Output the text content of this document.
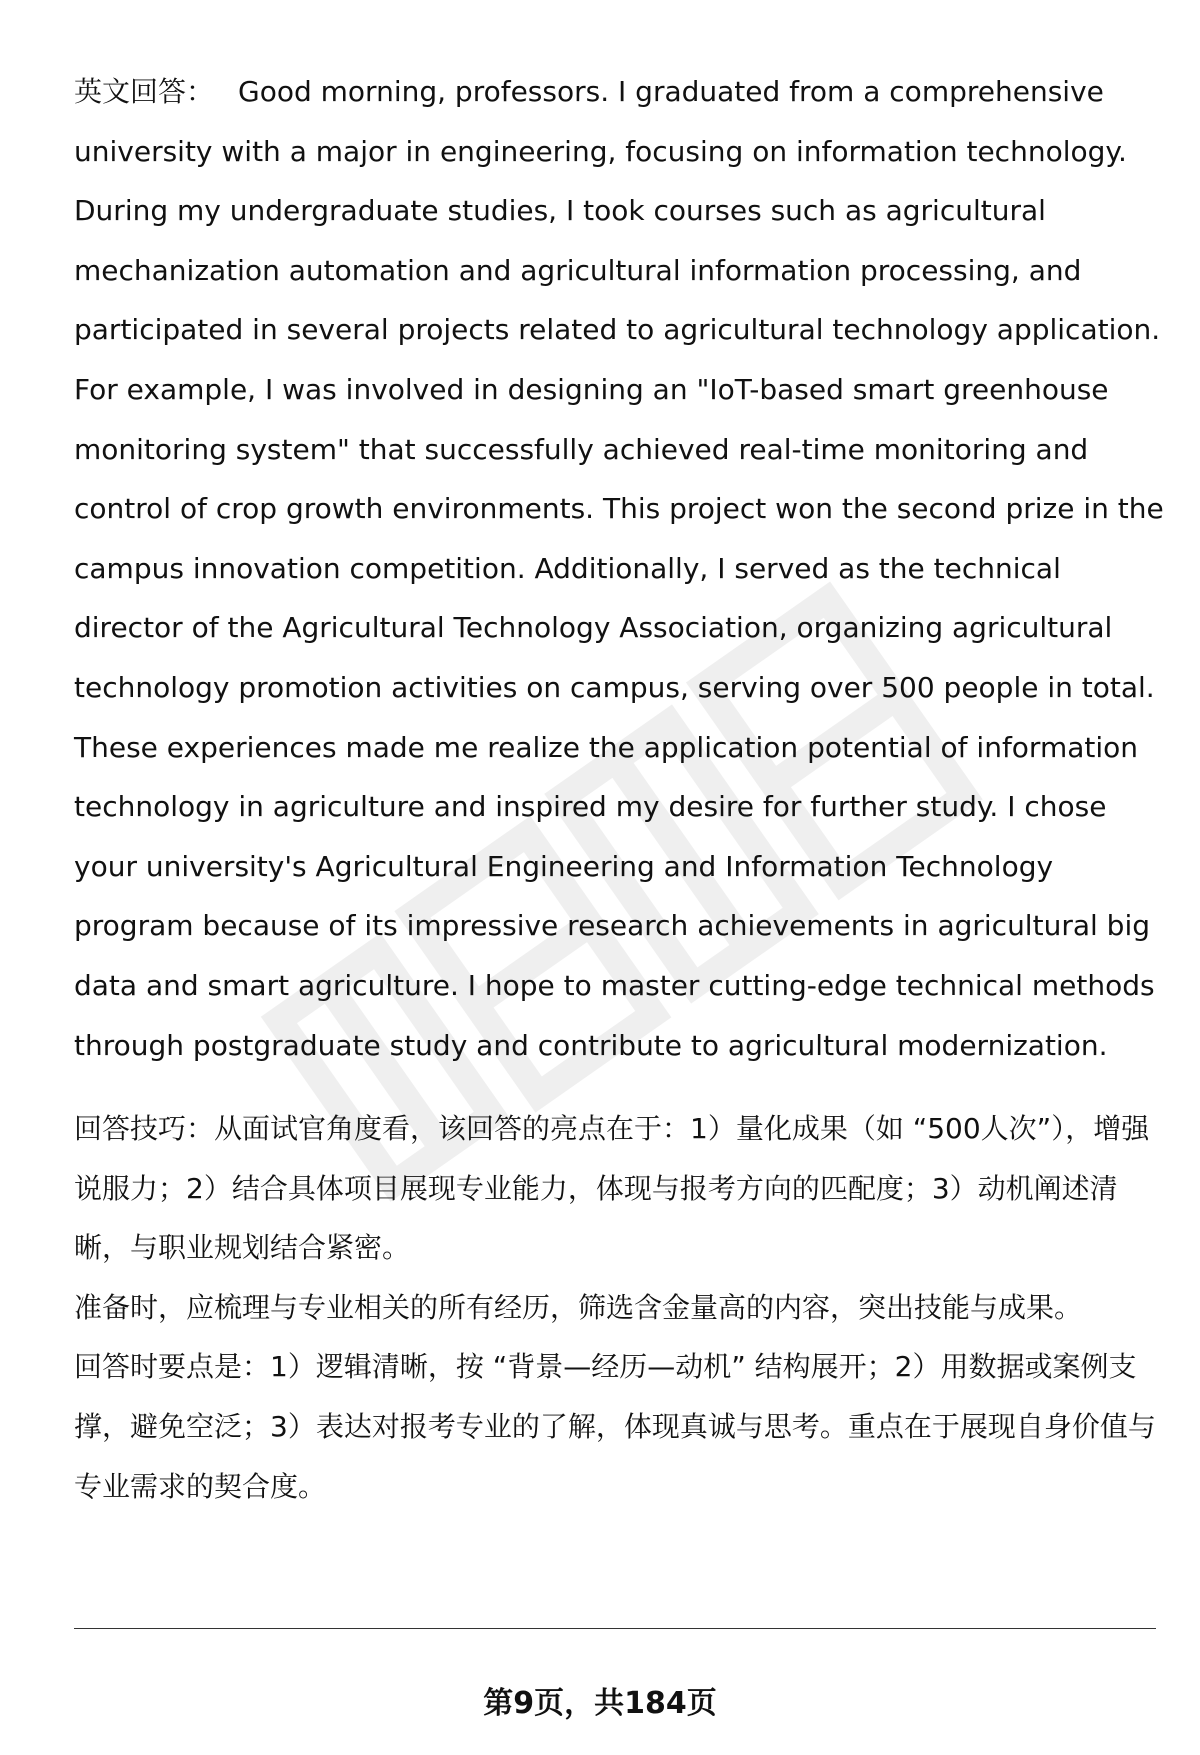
英文回答： Good morning, professors. I graduated from a comprehensive university with a major in engineering, focusing on information technology. During my undergraduate studies, I took courses such as agricultural mechanization automation and agricultural information processing, and participated in several projects related to agricultural technology application. For example, I was involved in designing an "IoT-based smart greenhouse monitoring system" that successfully achieved real-time monitoring and control of crop growth environments. This project won the second prize in the campus innovation competition. Additionally, I served as the technical director of the Agricultural Technology Association, organizing agricultural technology promotion activities on campus, serving over 500 people in total. These experiences made me realize the application potential of information technology in agriculture and inspired my desire for further study. I chose your university's Agricultural Engineering and Information Technology program because of its impressive research achievements in agricultural big data and smart agriculture. I hope to master cutting-edge technical methods through postgraduate study and contribute to agricultural modernization.

回答技巧：从面试官角度看，该回答的亮点在于：1）量化成果（如 “500人次”），增强说服力；2）结合具体项目展现专业能力，体现与报考方向的匹配度；3）动机阐述清晰，与职业规划结合紧密。

准备时，应梳理与专业相关的所有经历，筛选含金量高的内容，突出技能与成果。

回答时要点是：1）逻辑清晰，按 “背景—经历—动机” 结构展开；2）用数据或案例支撑，避免空泛；3）表达对报考专业的了解，体现真诚与思考。重点在于展现自身价值与专业需求的契合度。

第9页，共184页
